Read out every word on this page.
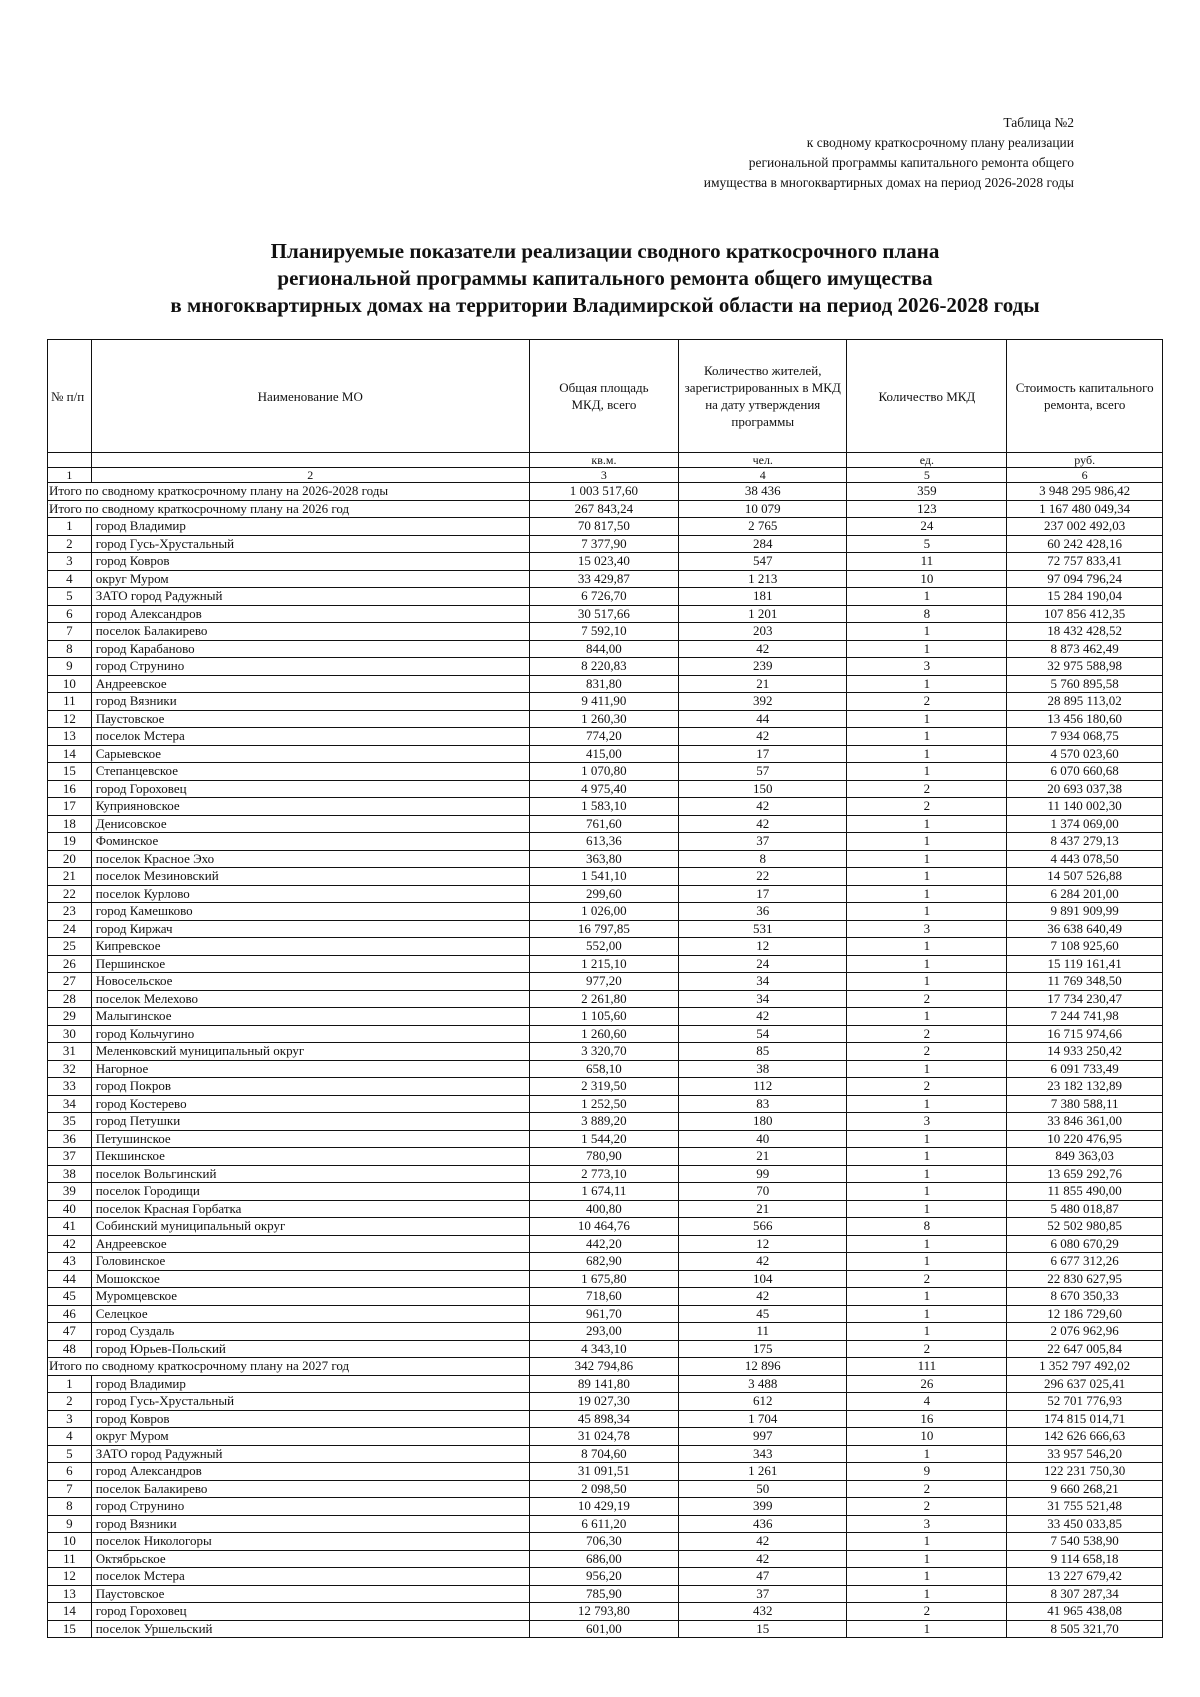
Таблица №2
к сводному краткосрочному плану реализации
региональной программы капитального ремонта общего
имущества в многоквартирных домах на период 2026-2028 годы
Планируемые показатели реализации сводного краткосрочного плана
региональной программы капитального ремонта общего имущества
в многоквартирных домах на территории Владимирской области на период 2026-2028 годы
№ п/п	Наименование МО	Общая площадь МКД, всего	Количество жителей, зарегистрированных в МКД на дату утверждения программы	Количество МКД	Стоимость капитального ремонта, всего
		кв.м.	чел.	ед.	руб.
1	2	3	4	5	6
Итого по сводному краткосрочному плану на 2026-2028 годы		1 003 517,60	38 436	359	3 948 295 986,42
Итого по сводному краткосрочному плану на 2026 год		267 843,24	10 079	123	1 167 480 049,34
1	город Владимир	70 817,50	2 765	24	237 002 492,03
2	город Гусь-Хрустальный	7 377,90	284	5	60 242 428,16
3	город Ковров	15 023,40	547	11	72 757 833,41
4	округ Муром	33 429,87	1 213	10	97 094 796,24
5	ЗАТО город Радужный	6 726,70	181	1	15 284 190,04
6	город Александров	30 517,66	1 201	8	107 856 412,35
7	поселок Балакирево	7 592,10	203	1	18 432 428,52
8	город Карабаново	844,00	42	1	8 873 462,49
9	город Струнино	8 220,83	239	3	32 975 588,98
10	Андреевское	831,80	21	1	5 760 895,58
11	город Вязники	9 411,90	392	2	28 895 113,02
12	Паустовское	1 260,30	44	1	13 456 180,60
13	поселок Мстера	774,20	42	1	7 934 068,75
14	Сарыевское	415,00	17	1	4 570 023,60
15	Степанцевское	1 070,80	57	1	6 070 660,68
16	город Гороховец	4 975,40	150	2	20 693 037,38
17	Куприяновское	1 583,10	42	2	11 140 002,30
18	Денисовское	761,60	42	1	1 374 069,00
19	Фоминское	613,36	37	1	8 437 279,13
20	поселок Красное Эхо	363,80	8	1	4 443 078,50
21	поселок Мезиновский	1 541,10	22	1	14 507 526,88
22	поселок Курлово	299,60	17	1	6 284 201,00
23	город Камешково	1 026,00	36	1	9 891 909,99
24	город Киржач	16 797,85	531	3	36 638 640,49
25	Кипревское	552,00	12	1	7 108 925,60
26	Першинское	1 215,10	24	1	15 119 161,41
27	Новосельское	977,20	34	1	11 769 348,50
28	поселок Мелехово	2 261,80	34	2	17 734 230,47
29	Малыгинское	1 105,60	42	1	7 244 741,98
30	город Кольчугино	1 260,60	54	2	16 715 974,66
31	Меленковский муниципальный округ	3 320,70	85	2	14 933 250,42
32	Нагорное	658,10	38	1	6 091 733,49
33	город Покров	2 319,50	112	2	23 182 132,89
34	город Костерево	1 252,50	83	1	7 380 588,11
35	город Петушки	3 889,20	180	3	33 846 361,00
36	Петушинское	1 544,20	40	1	10 220 476,95
37	Пекшинское	780,90	21	1	849 363,03
38	поселок Вольгинский	2 773,10	99	1	13 659 292,76
39	поселок Городищи	1 674,11	70	1	11 855 490,00
40	поселок Красная Горбатка	400,80	21	1	5 480 018,87
41	Собинский муниципальный округ	10 464,76	566	8	52 502 980,85
42	Андреевское	442,20	12	1	6 080 670,29
43	Головинское	682,90	42	1	6 677 312,26
44	Мошокское	1 675,80	104	2	22 830 627,95
45	Муромцевское	718,60	42	1	8 670 350,33
46	Селецкое	961,70	45	1	12 186 729,60
47	город Суздаль	293,00	11	1	2 076 962,96
48	город Юрьев-Польский	4 343,10	175	2	22 647 005,84
Итого по сводному краткосрочному плану на 2027 год		342 794,86	12 896	111	1 352 797 492,02
1	город Владимир	89 141,80	3 488	26	296 637 025,41
2	город Гусь-Хрустальный	19 027,30	612	4	52 701 776,93
3	город Ковров	45 898,34	1 704	16	174 815 014,71
4	округ Муром	31 024,78	997	10	142 626 666,63
5	ЗАТО город Радужный	8 704,60	343	1	33 957 546,20
6	город Александров	31 091,51	1 261	9	122 231 750,30
7	поселок Балакирево	2 098,50	50	2	9 660 268,21
8	город Струнино	10 429,19	399	2	31 755 521,48
9	город Вязники	6 611,20	436	3	33 450 033,85
10	поселок Никологоры	706,30	42	1	7 540 538,90
11	Октябрьское	686,00	42	1	9 114 658,18
12	поселок Мстера	956,20	47	1	13 227 679,42
13	Паустовское	785,90	37	1	8 307 287,34
14	город Гороховец	12 793,80	432	2	41 965 438,08
15	поселок Уршельский	601,00	15	1	8 505 321,70
